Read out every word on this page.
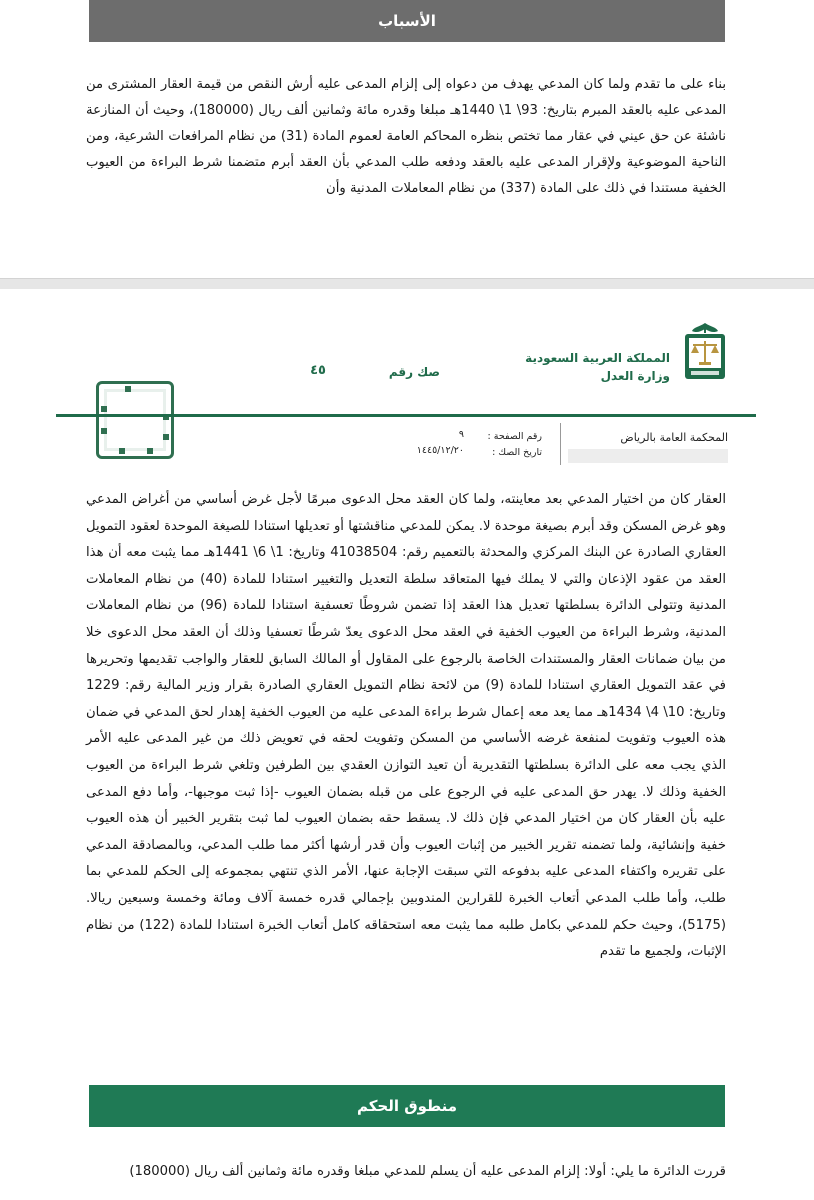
الأسباب
بناء على ما تقدم ولما كان المدعي يهدف من دعواه إلى إلزام المدعى عليه أرش النقص من قيمة العقار المشترى من المدعى عليه بالعقد المبرم بتاريخ: 93\ 1\ 1440هـ مبلغا وقدره مائة وثمانين ألف ريال (180000)، وحيث أن المنازعة ناشئة عن حق عيني في عقار مما تختص بنظره المحاكم العامة لعموم المادة (31) من نظام المرافعات الشرعية، ومن الناحية الموضوعية ولإقرار المدعى عليه بالعقد ودفعه طلب المدعي بأن العقد أبرم متضمنا شرط البراءة من العيوب الخفية مستندا في ذلك على المادة (337) من نظام المعاملات المدنية وأن
المملكة العربية السعودية
وزارة العدل
صك رقم
٤٥
المحكمة العامة بالرياض
رقم الصفحة :
٩
تاريخ الصك :
١٤٤٥/١٢/٢٠
العقار كان من اختيار المدعي بعد معاينته، ولما كان العقد محل الدعوى مبرمًا لأجل غرض أساسي من أغراض المدعي وهو غرض المسكن وقد أبرم بصيغة موحدة لا. يمكن للمدعي مناقشتها أو تعديلها استنادا للصيغة الموحدة لعقود التمويل العقاري الصادرة عن البنك المركزي والمحدثة بالتعميم رقم: 41038504 وتاريخ: 1\ 6\ 1441هـ مما يثبت معه أن هذا العقد من عقود الإذعان والتي لا يملك فيها المتعاقد سلطة التعديل والتغيير استنادا للمادة (40) من نظام المعاملات المدنية وتتولى الدائرة بسلطتها تعديل هذا العقد إذا تضمن شروطًا تعسفية استنادا للمادة (96) من نظام المعاملات المدنية، وشرط البراءة من العيوب الخفية في العقد محل الدعوى يعدّ شرطًا تعسفيا وذلك أن العقد محل الدعوى خلا من بيان ضمانات العقار والمستندات الخاصة بالرجوع على المقاول أو المالك السابق للعقار والواجب تقديمها وتحريرها في عقد التمويل العقاري استنادا للمادة (9) من لائحة نظام التمويل العقاري الصادرة بقرار وزير المالية رقم: 1229 وتاريخ: 10\ 4\ 1434هـ مما يعد معه إعمال شرط براءة المدعى عليه من العيوب الخفية إهدار لحق المدعي في ضمان هذه العيوب وتفويت لمنفعة غرضه الأساسي من المسكن وتفويت لحقه في تعويض ذلك من غير المدعى عليه الأمر الذي يجب معه على الدائرة بسلطتها التقديرية أن تعيد التوازن العقدي بين الطرفين وتلغي شرط البراءة من العيوب الخفية وذلك لا. يهدر حق المدعى عليه في الرجوع على من قبله بضمان العيوب -إذا ثبت موجبها-، وأما دفع المدعى عليه بأن العقار كان من اختيار المدعي فإن ذلك لا. يسقط حقه بضمان العيوب لما ثبت بتقرير الخبير أن هذه العيوب خفية وإنشائية، ولما تضمنه تقرير الخبير من إثبات العيوب وأن قدر أرشها أكثر مما طلب المدعي، وبالمصادقة المدعي على تقريره واكتفاء المدعى عليه بدفوعه التي سبقت الإجابة عنها، الأمر الذي تنتهي بمجموعه إلى الحكم للمدعي بما طلب، وأما طلب المدعي أتعاب الخبرة للقرارين المندوبين بإجمالي قدره خمسة آلاف ومائة وخمسة وسبعين ريالا. (5175)، وحيث حكم للمدعي بكامل طلبه مما يثبت معه استحقاقه كامل أتعاب الخبرة استنادا للمادة (122) من نظام الإثبات، ولجميع ما تقدم
منطوق الحكم
قررت الدائرة ما يلي: أولا: إلزام المدعى عليه أن يسلم للمدعي مبلغا وقدره مائة وثمانين ألف ريال (180000)
